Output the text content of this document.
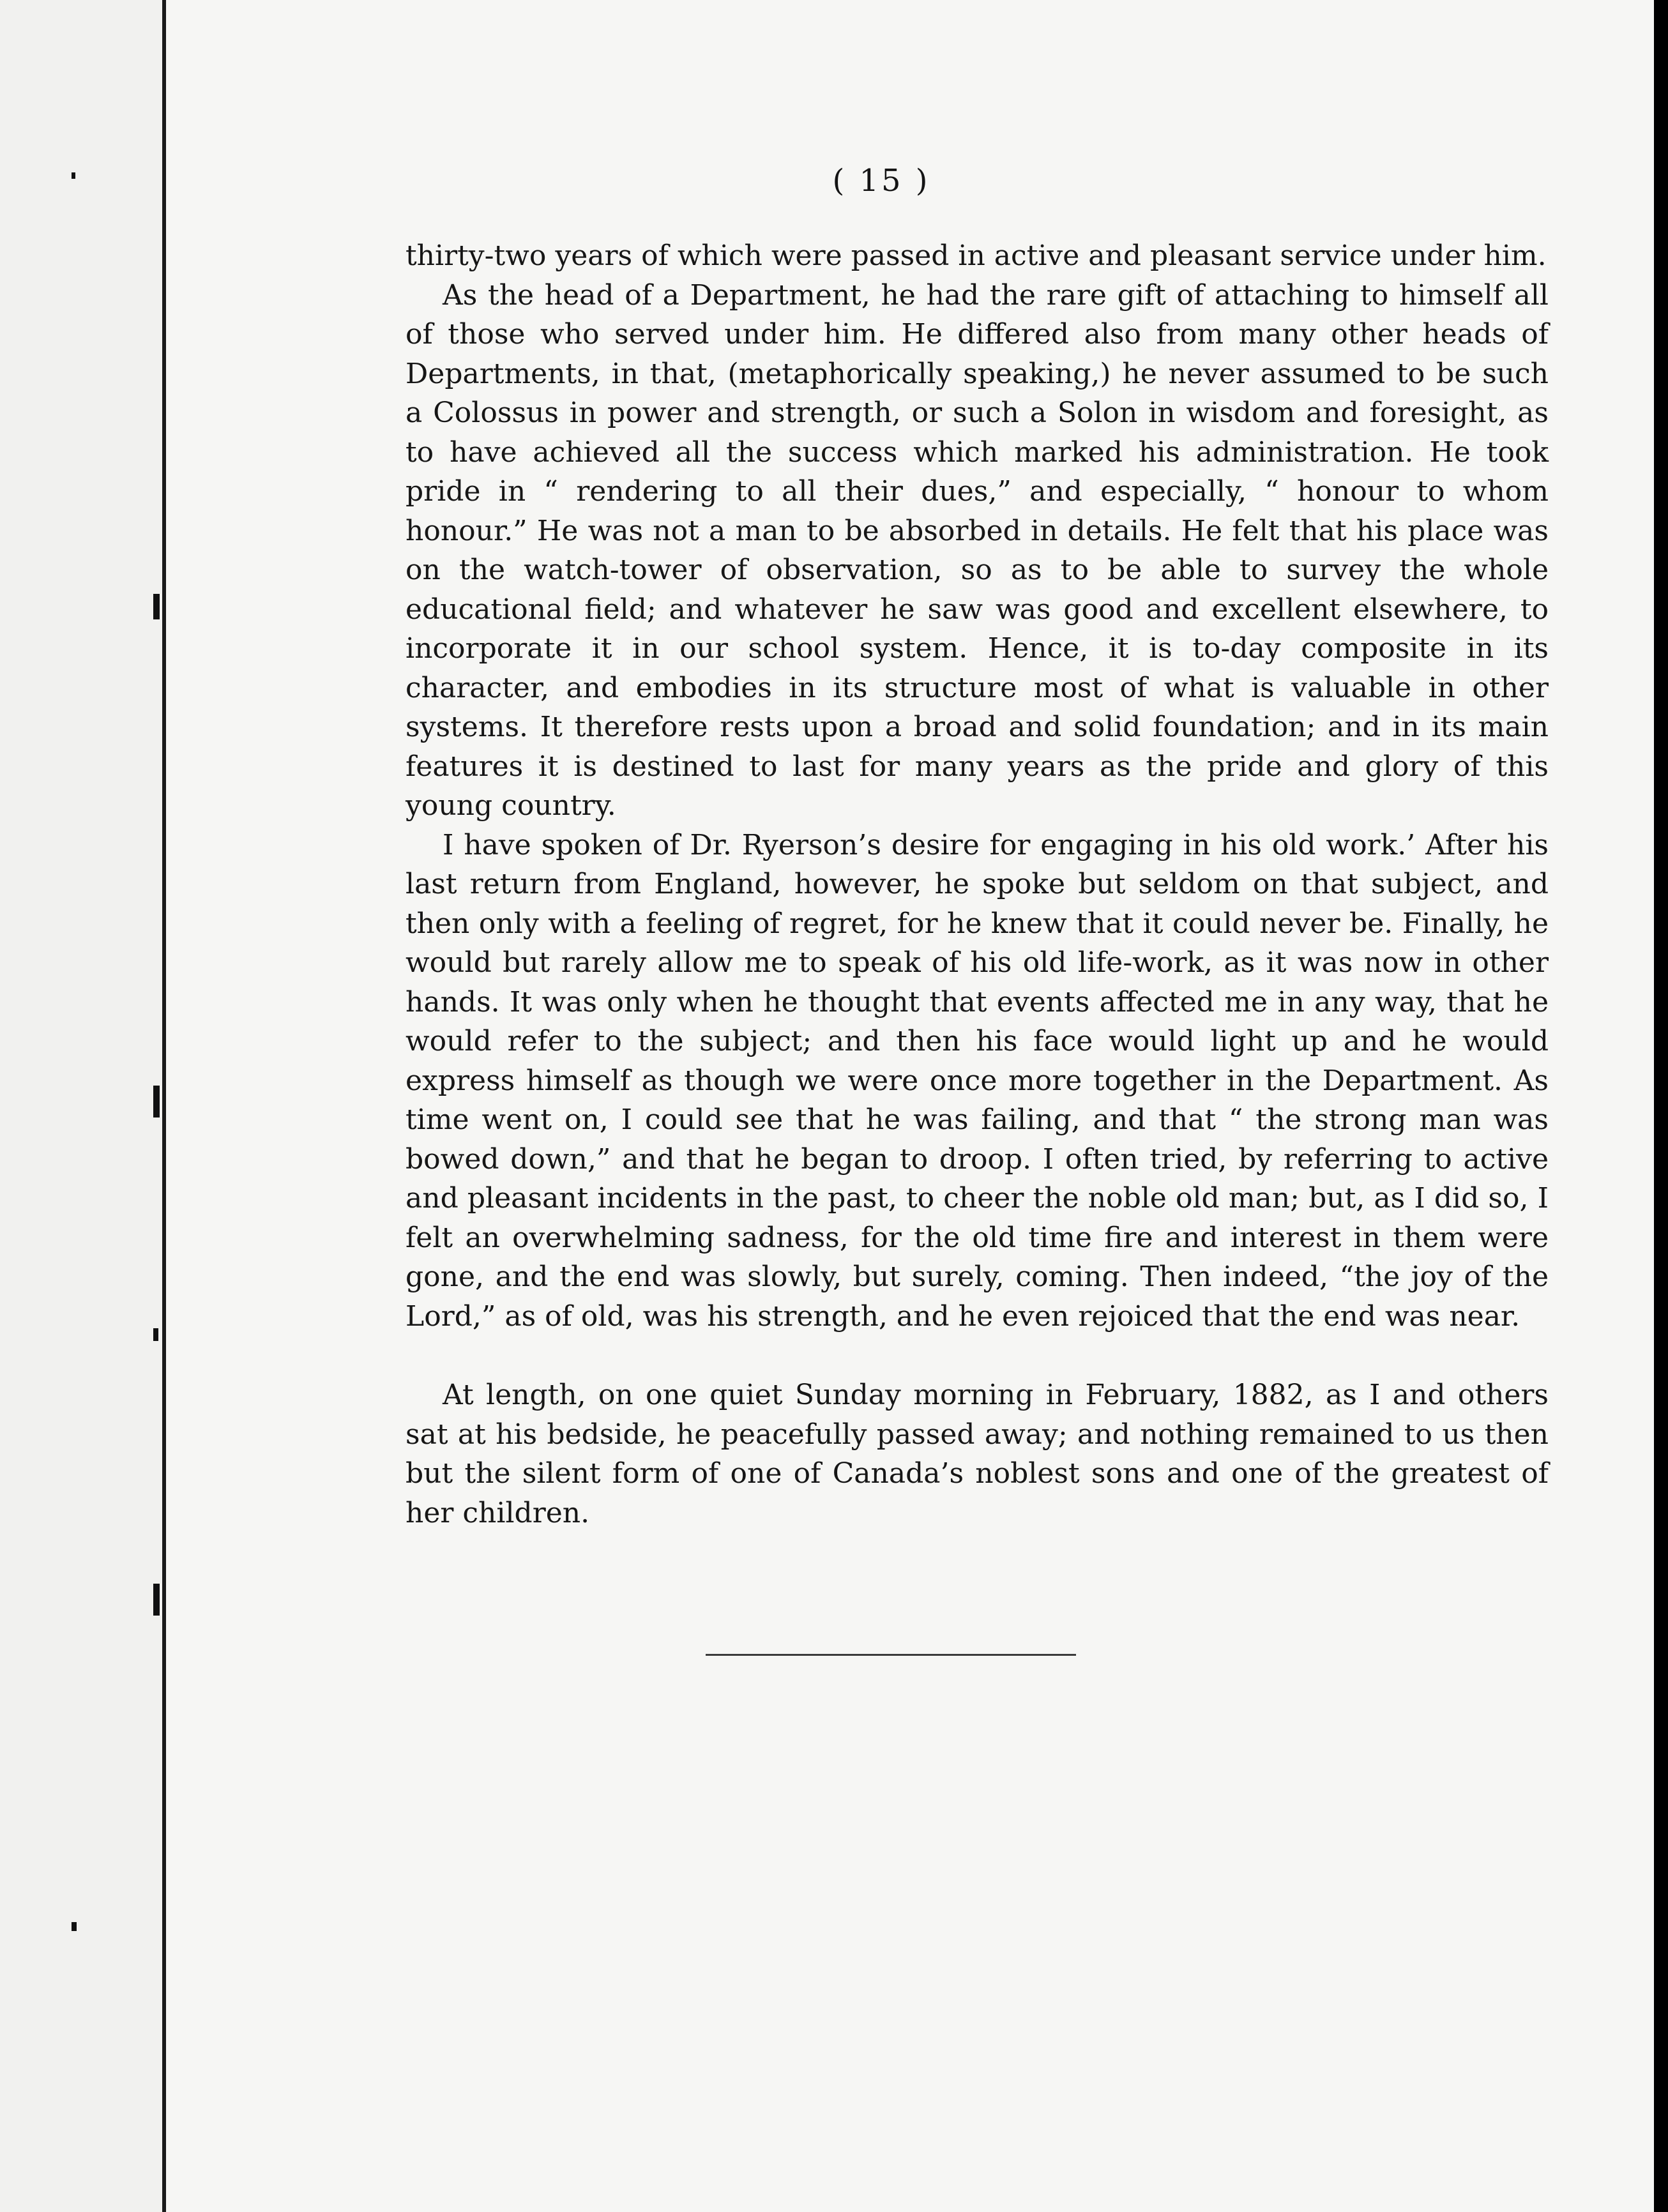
( 15 )

thirty-two years of which were passed in active and pleasant service under him.

As the head of a Department, he had the rare gift of attaching to himself all of those who served under him. He differed also from many other heads of Departments, in that, (metaphorically speaking,) he never assumed to be such a Colossus in power and strength, or such a Solon in wisdom and foresight, as to have achieved all the success which marked his administration. He took pride in “ rendering to all their dues,” and especially, “ honour to whom honour.” He was not a man to be absorbed in details. He felt that his place was on the watch-tower of observation, so as to be able to survey the whole educational field; and whatever he saw was good and excellent elsewhere, to incorporate it in our school system. Hence, it is to-day composite in its character, and embodies in its structure most of what is valuable in other systems. It therefore rests upon a broad and solid foundation; and in its main features it is destined to last for many years as the pride and glory of this young country.

I have spoken of Dr. Ryerson’s desire for engaging in his old work.’ After his last return from England, however, he spoke but seldom on that subject, and then only with a feeling of regret, for he knew that it could never be. Finally, he would but rarely allow me to speak of his old life-work, as it was now in other hands. It was only when he thought that events affected me in any way, that he would refer to the subject; and then his face would light up and he would express himself as though we were once more together in the Department. As time went on, I could see that he was failing, and that “ the strong man was bowed down,” and that he began to droop. I often tried, by referring to active and pleasant incidents in the past, to cheer the noble old man; but, as I did so, I felt an overwhelming sadness, for the old time fire and interest in them were gone, and the end was slowly, but surely, coming. Then indeed, “the joy of the Lord,” as of old, was his strength, and he even rejoiced that the end was near.

At length, on one quiet Sunday morning in February, 1882, as I and others sat at his bedside, he peacefully passed away; and nothing remained to us then but the silent form of one of Canada’s noblest sons and one of the greatest of her children.
